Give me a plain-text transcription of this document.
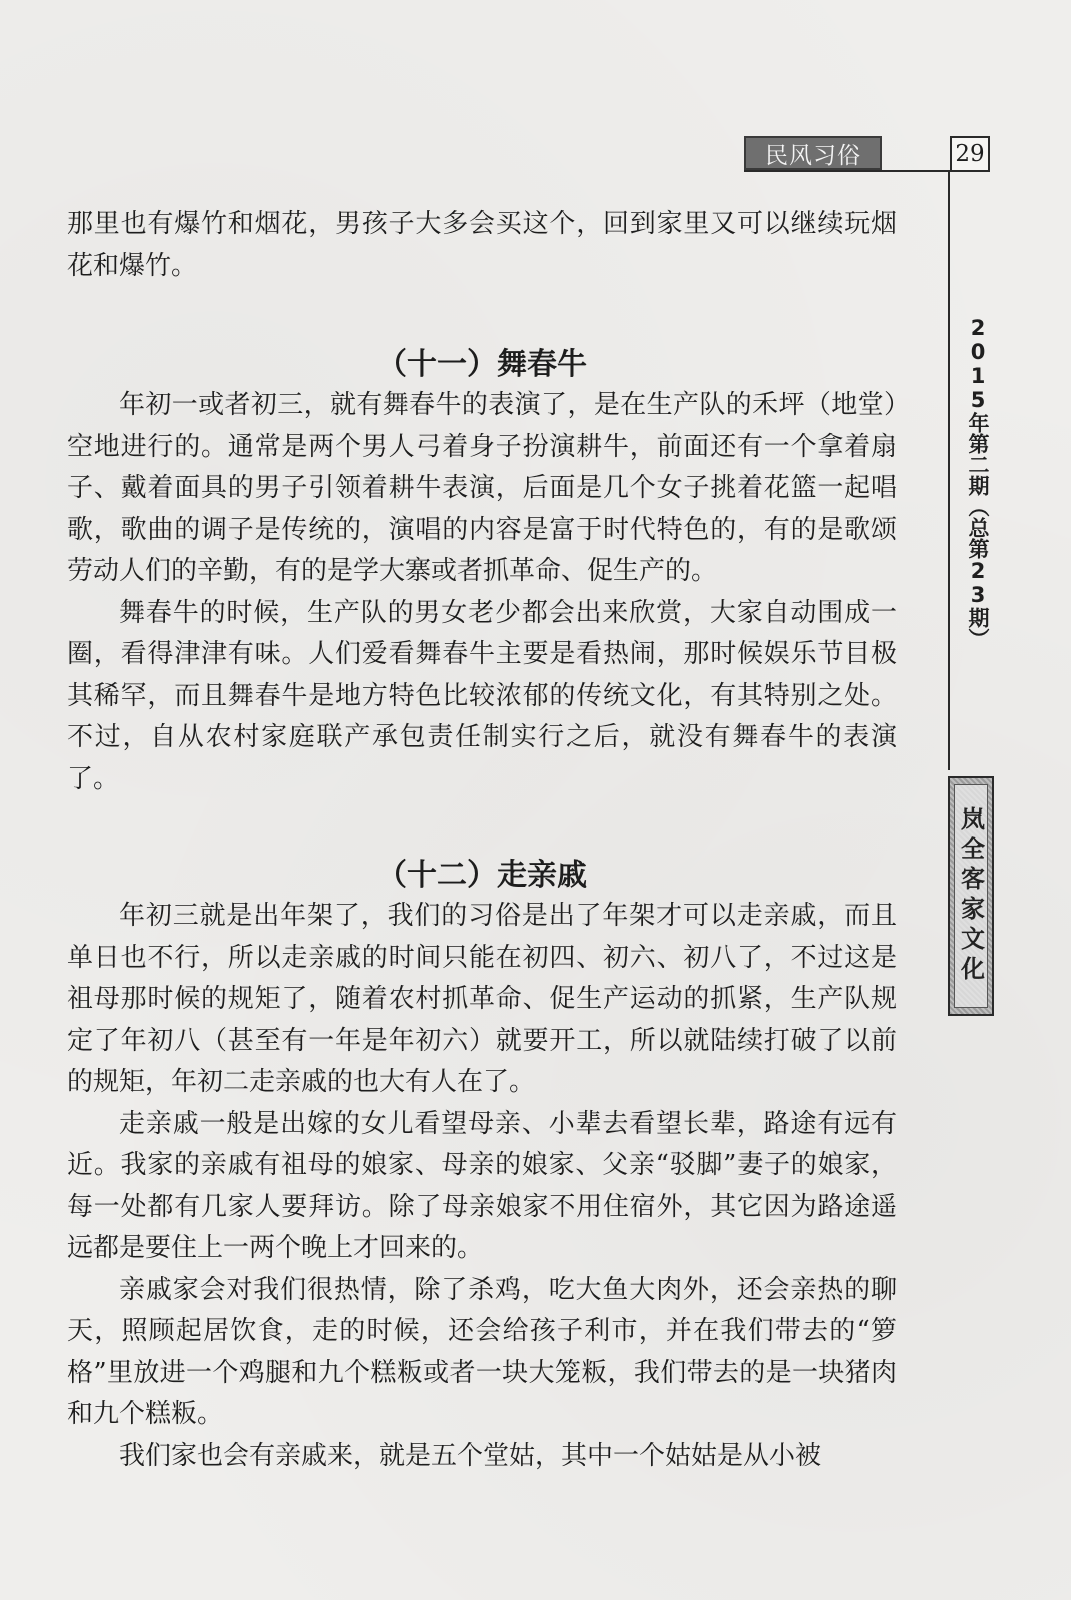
民风习俗	29
2015年第二期（总第23期）
岚全客家文化

那里也有爆竹和烟花，男孩子大多会买这个，回到家里又可以继续玩烟花和爆竹。

（十一）舞春牛

年初一或者初三，就有舞春牛的表演了，是在生产队的禾坪（地堂）空地进行的。通常是两个男人弓着身子扮演耕牛，前面还有一个拿着扇子、戴着面具的男子引领着耕牛表演，后面是几个女子挑着花篮一起唱歌，歌曲的调子是传统的，演唱的内容是富于时代特色的，有的是歌颂劳动人们的辛勤，有的是学大寨或者抓革命、促生产的。

舞春牛的时候，生产队的男女老少都会出来欣赏，大家自动围成一圈，看得津津有味。人们爱看舞春牛主要是看热闹，那时候娱乐节目极其稀罕，而且舞春牛是地方特色比较浓郁的传统文化，有其特别之处。不过，自从农村家庭联产承包责任制实行之后，就没有舞春牛的表演了。

（十二）走亲戚

年初三就是出年架了，我们的习俗是出了年架才可以走亲戚，而且单日也不行，所以走亲戚的时间只能在初四、初六、初八了，不过这是祖母那时候的规矩了，随着农村抓革命、促生产运动的抓紧，生产队规定了年初八（甚至有一年是年初六）就要开工，所以就陆续打破了以前的规矩，年初二走亲戚的也大有人在了。

走亲戚一般是出嫁的女儿看望母亲、小辈去看望长辈，路途有远有近。我家的亲戚有祖母的娘家、母亲的娘家、父亲“驳脚”妻子的娘家，每一处都有几家人要拜访。除了母亲娘家不用住宿外，其它因为路途遥远都是要住上一两个晚上才回来的。

亲戚家会对我们很热情，除了杀鸡，吃大鱼大肉外，还会亲热的聊天，照顾起居饮食，走的时候，还会给孩子利市，并在我们带去的“箩格”里放进一个鸡腿和九个糕粄或者一块大笼粄，我们带去的是一块猪肉和九个糕粄。

我们家也会有亲戚来，就是五个堂姑，其中一个姑姑是从小被
